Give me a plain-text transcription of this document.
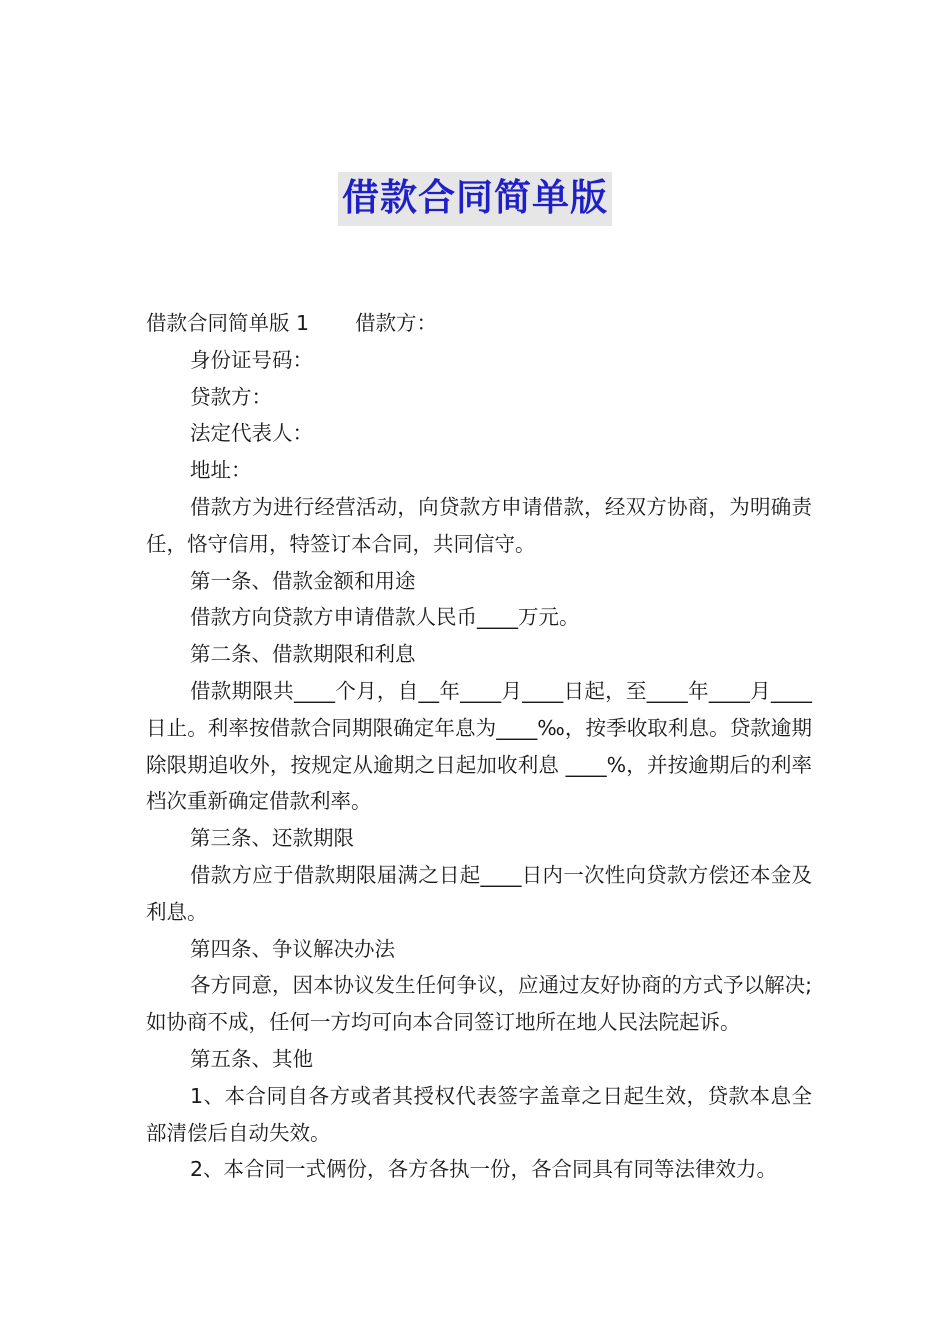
借款合同简单版

借款合同简单版 1 借款方：

身份证号码：

贷款方：

法定代表人：

地址：

借款方为进行经营活动，向贷款方申请借款，经双方协商，为明确责任，恪守信用，特签订本合同，共同信守。

第一条、借款金额和用途

借款方向贷款方申请借款人民币____万元。

第二条、借款期限和利息

借款期限共____个月，自__年____月____日起，至____年____月____日止。利率按借款合同期限确定年息为____‰，按季收取利息。贷款逾期除限期追收外，按规定从逾期之日起加收利息 ____%，并按逾期后的利率档次重新确定借款利率。

第三条、还款期限

借款方应于借款期限届满之日起____日内一次性向贷款方偿还本金及利息。

第四条、争议解决办法

各方同意，因本协议发生任何争议，应通过友好协商的方式予以解决;如协商不成，任何一方均可向本合同签订地所在地人民法院起诉。

第五条、其他

1、本合同自各方或者其授权代表签字盖章之日起生效，贷款本息全部清偿后自动失效。

2、本合同一式俩份，各方各执一份，各合同具有同等法律效力。
